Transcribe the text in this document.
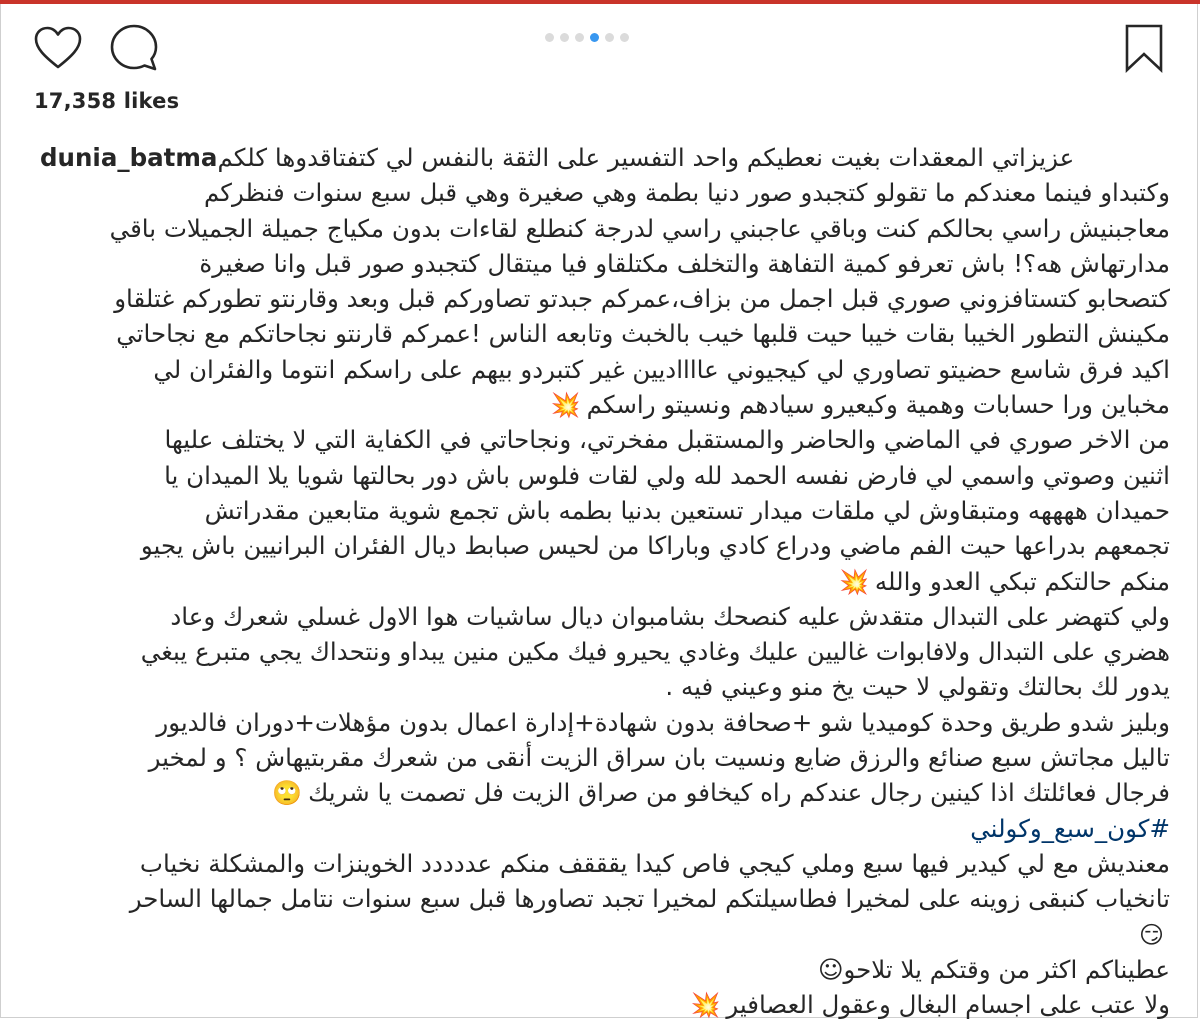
17,358 likes
عزيزاتي المعقدات بغيت نعطيكم واحد التفسير على الثقة بالنفس لي كتفتاقدوها كلكم
dunia_batma
وكتبداو فينما معندكم ما تقولو كتجبدو صور دنيا بطمة وهي صغيرة وهي قبل سبع سنوات فنظركم
معاجبنيش راسي بحالكم كنت وباقي عاجبني راسي لدرجة كنطلع لقاءات بدون مكياج جميلة الجميلات باقي
مدارتهاش هه؟! باش تعرفو كمية التفاهة والتخلف مكتلقاو فيا ميتقال كتجبدو صور قبل وانا صغيرة
كتصحابو كتستافزوني صوري قبل اجمل من بزاف،عمركم جبدتو تصاوركم قبل وبعد وقارنتو تطوركم غتلقاو
مكينش التطور الخيبا بقات خيبا حيت قلبها خيب بالخبث وتابعه الناس !عمركم قارنتو نجاحاتكم مع نجاحاتي
اكيد فرق شاسع حضيتو تصاوري لي كيجيوني عااااديين غير كتبردو بيهم على راسكم انتوما والفئران لي
مخباين ورا حسابات وهمية وكيعيرو سيادهم ونسيتو راسكم💥
من الاخر صوري في الماضي والحاضر والمستقبل مفخرتي، ونجاحاتي في الكفاية التي لا يختلف عليها
اثنين وصوتي واسمي لي فارض نفسه الحمد لله ولي لقات فلوس باش دور بحالتها شويا يلا الميدان يا
حميدان ههههه ومتبقاوش لي ملقات ميدار تستعين بدنيا بطمه باش تجمع شوية متابعين مقدراتش
تجمعهم بدراعها حيت الفم ماضي ودراع كادي وباراكا من لحيس صبابط ديال الفئران البرانيين باش يجيو
منكم حالتكم تبكي العدو والله💥
ولي كتهضر على التبدال متقدش عليه كنصحك بشامبوان ديال ساشيات هوا الاول غسلي شعرك وعاد
هضري على التبدال ولافابوات غاليين عليك وغادي يحيرو فيك مكين منين يبداو ونتحداك يجي متبرع يبغي
يدور لك بحالتك وتقولي لا حيت يخ منو وعيني فيه .
وبليز شدو طريق وحدة كوميديا شو +صحافة بدون شهادة+إدارة اعمال بدون مؤهلات+دوران فالديور
تاليل مجاتش سبع صنائع والرزق ضايع ونسيت بان سراق الزيت أنقى من شعرك مقربتيهاش ؟ و لمخير
فرجال فعائلتك اذا كينين رجال عندكم راه كيخافو من صراق الزيت فل تصمت يا شريك🙄
#كون_سبع_وكولني
معنديش مع لي كيدير فيها سبع وملي كيجي فاص كيدا يقققف منكم عددددد الخوينزات والمشكلة نخياب
تانخياب كنبقى زوينه على لمخيرا فطاسيلتكم لمخيرا تجبد تصاورها قبل سبع سنوات نتامل جمالها الساحر
😏
عطيناكم اكثر من وقتكم يلا تلاحو☺
ولا عتب على اجسام البغال وعقول العصافير💥
